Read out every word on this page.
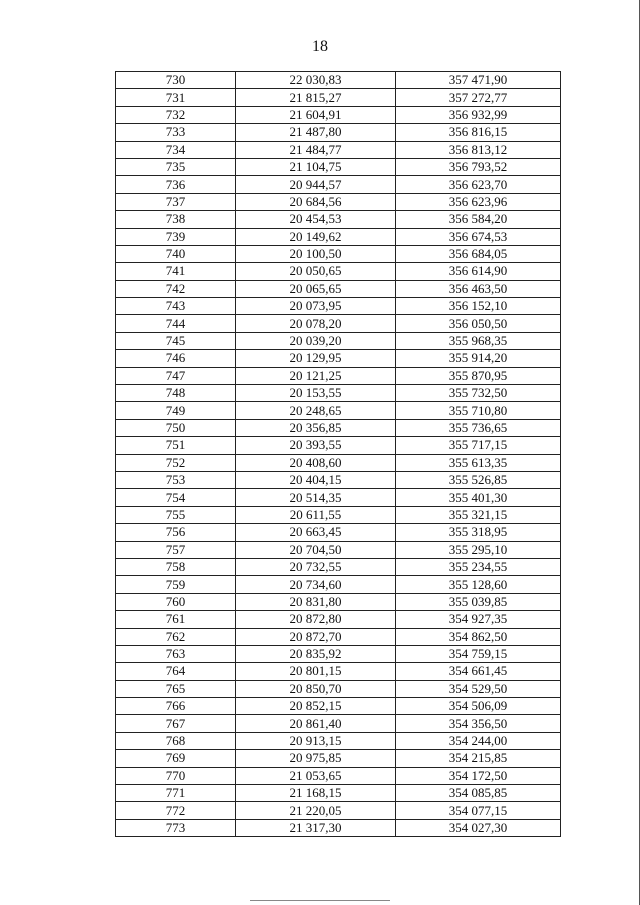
18
730	22 030,83	357 471,90
731	21 815,27	357 272,77
732	21 604,91	356 932,99
733	21 487,80	356 816,15
734	21 484,77	356 813,12
735	21 104,75	356 793,52
736	20 944,57	356 623,70
737	20 684,56	356 623,96
738	20 454,53	356 584,20
739	20 149,62	356 674,53
740	20 100,50	356 684,05
741	20 050,65	356 614,90
742	20 065,65	356 463,50
743	20 073,95	356 152,10
744	20 078,20	356 050,50
745	20 039,20	355 968,35
746	20 129,95	355 914,20
747	20 121,25	355 870,95
748	20 153,55	355 732,50
749	20 248,65	355 710,80
750	20 356,85	355 736,65
751	20 393,55	355 717,15
752	20 408,60	355 613,35
753	20 404,15	355 526,85
754	20 514,35	355 401,30
755	20 611,55	355 321,15
756	20 663,45	355 318,95
757	20 704,50	355 295,10
758	20 732,55	355 234,55
759	20 734,60	355 128,60
760	20 831,80	355 039,85
761	20 872,80	354 927,35
762	20 872,70	354 862,50
763	20 835,92	354 759,15
764	20 801,15	354 661,45
765	20 850,70	354 529,50
766	20 852,15	354 506,09
767	20 861,40	354 356,50
768	20 913,15	354 244,00
769	20 975,85	354 215,85
770	21 053,65	354 172,50
771	21 168,15	354 085,85
772	21 220,05	354 077,15
773	21 317,30	354 027,30
